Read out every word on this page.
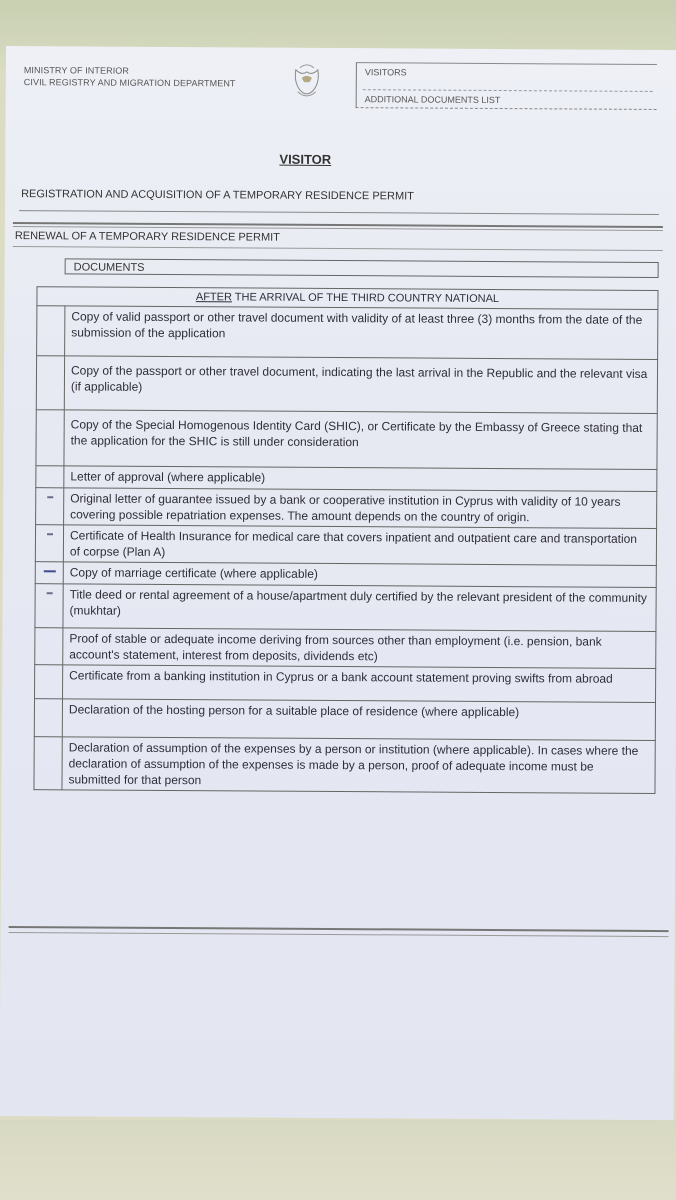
MINISTRY OF INTERIOR
CIVIL REGISTRY AND MIGRATION DEPARTMENT
VISITORS
ADDITIONAL DOCUMENTS LIST
VISITOR
REGISTRATION AND ACQUISITION OF A TEMPORARY RESIDENCE PERMIT
RENEWAL OF A TEMPORARY RESIDENCE PERMIT
DOCUMENTS
AFTER THE ARRIVAL OF THE THIRD COUNTRY NATIONAL	
	Copy of valid passport or other travel document with validity of at least three (3) months from the date of the submission of the application
	Copy of the passport or other travel document, indicating the last arrival in the Republic and the relevant visa (if applicable)
	Copy of the Special Homogenous Identity Card (SHIC), or Certificate by the Embassy of Greece stating that the application for the SHIC is still under consideration
	Letter of approval (where applicable)

	Original letter of guarantee issued by a bank or cooperative institution in Cyprus with validity of 10 years covering possible repatriation expenses. The amount depends on the country of origin.

	Certificate of Health Insurance for medical care that covers inpatient and outpatient care and transportation of corpse (Plan A)

	Copy of marriage certificate (where applicable)

	Title deed or rental agreement of a house/apartment duly certified by the relevant president of the community (mukhtar)
	Proof of stable or adequate income deriving from sources other than employment (i.e. pension, bank account's statement, interest from deposits, dividends etc)
	Certificate from a banking institution in Cyprus or a bank account statement proving swifts from abroad
	Declaration of the hosting person for a suitable place of residence (where applicable)
	Declaration of assumption of the expenses by a person or institution (where applicable). In cases where the declaration of assumption of the expenses is made by a person, proof of adequate income must be submitted for that person
